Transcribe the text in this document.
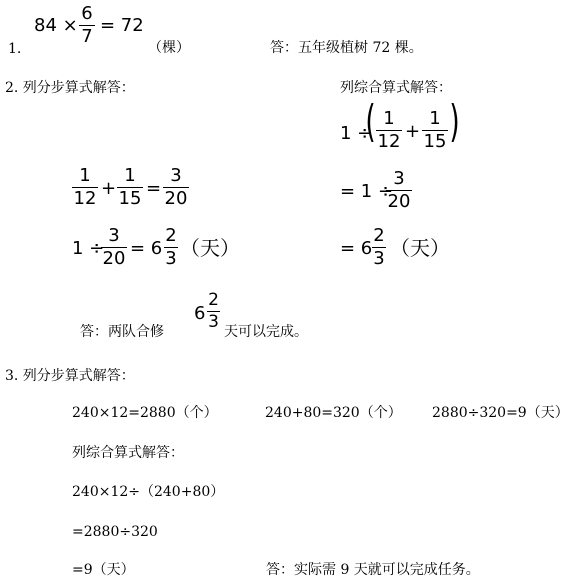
1.
84 ×
6
7
= 72
（棵）	答：五年级植树 72 棵。
2. 列分步算式解答：	列综合算式解答：
1
12 +
1
15 =
3
20
1 ÷
3
20 = 6
2
3 （天）
1 ÷
( 1
12 +
1
15 )
= 1 ÷
3
20
= 6
2
3 （天）
答：两队合修
6
2
3 天可以完成。
3. 列分步算式解答：
240×12=2880（个）	240+80=320（个） 2880÷320=9（天）
列综合算式解答：
240×12÷（240+80）
=2880÷320
=9（天）	答：实际需 9 天就可以完成任务。
